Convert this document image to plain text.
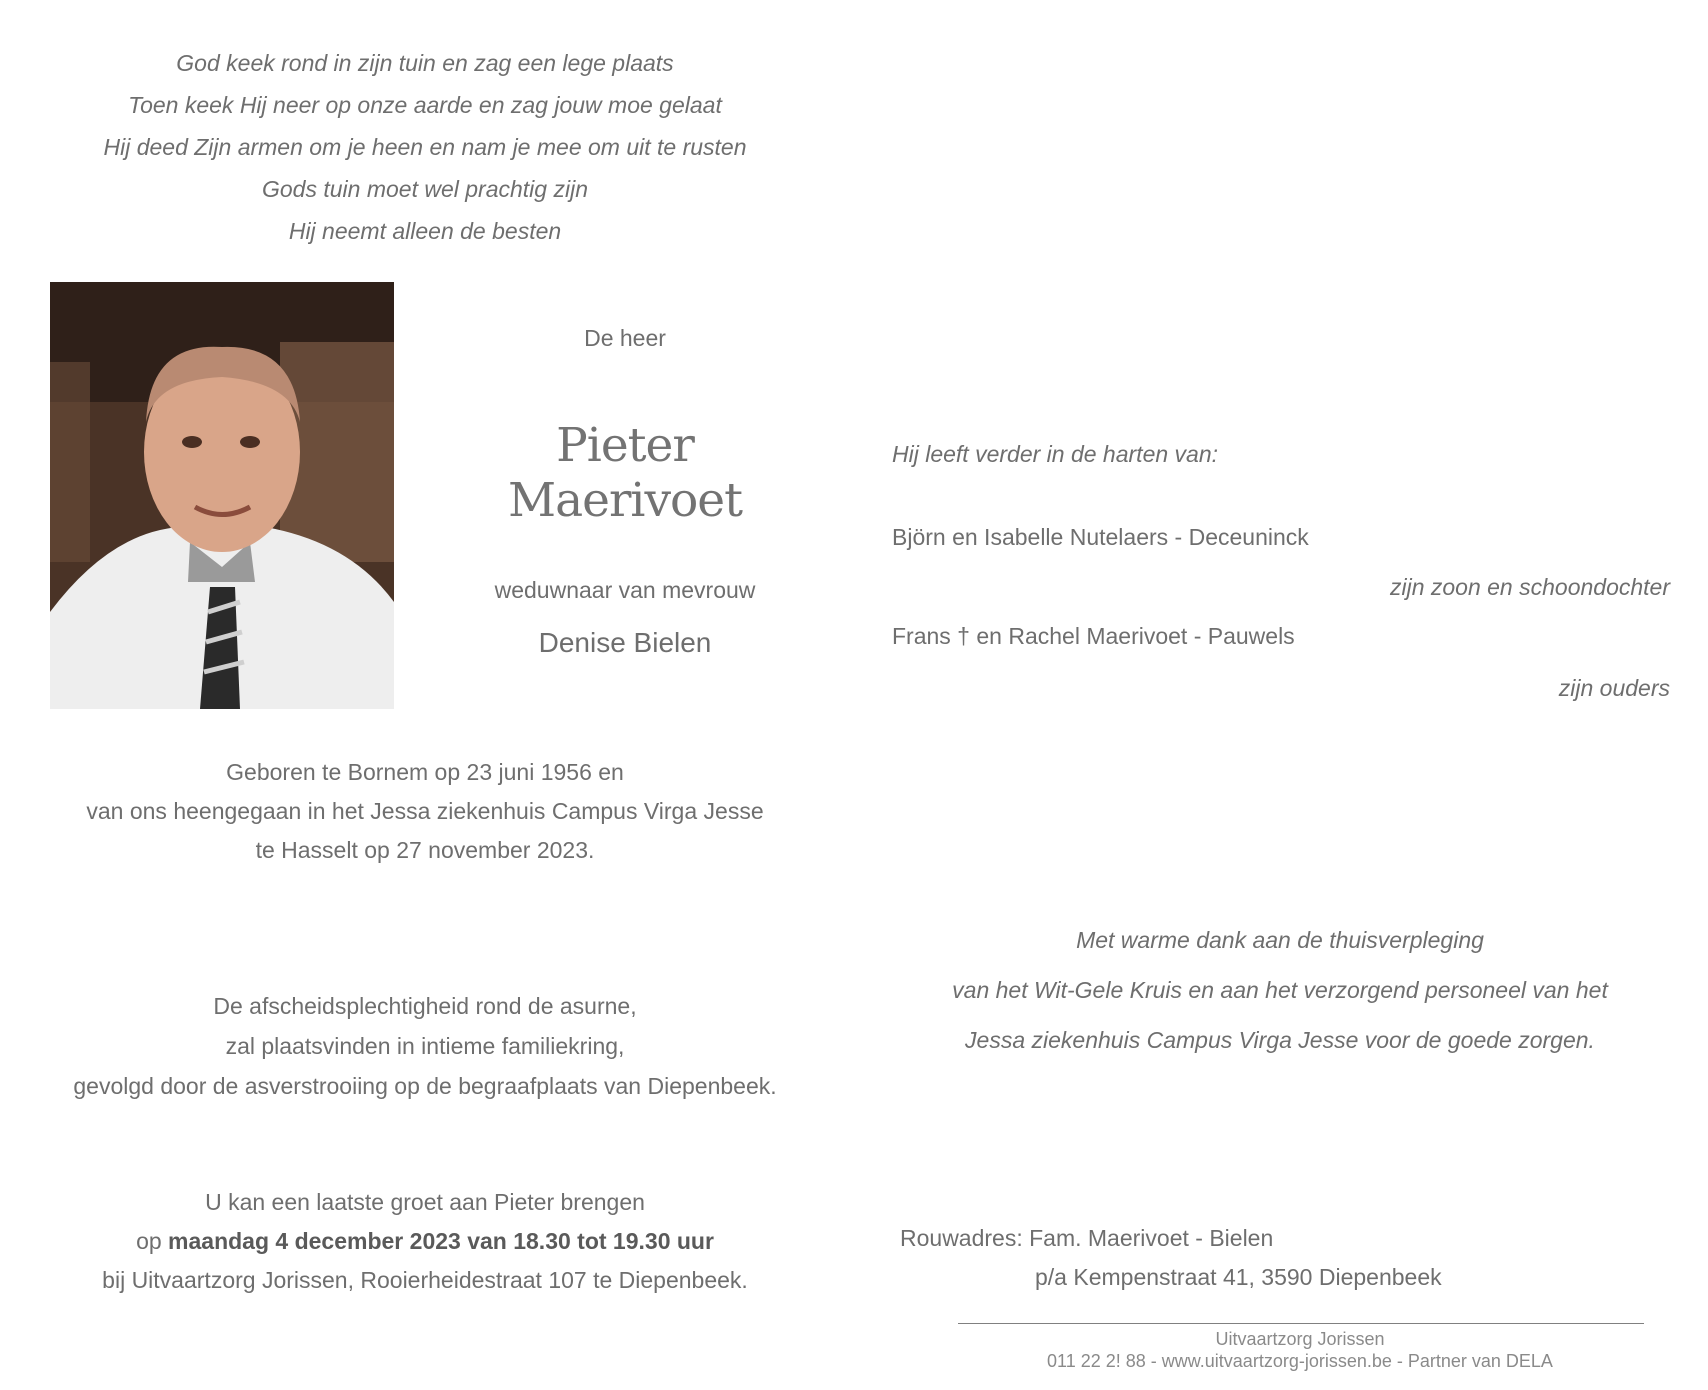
God keek rond in zijn tuin en zag een lege plaats
Toen keek Hij neer op onze aarde en zag jouw moe gelaat
Hij deed Zijn armen om je heen en nam je mee om uit te rusten
Gods tuin moet wel prachtig zijn
Hij neemt alleen de besten
De heer
Pieter Maerivoet
weduwnaar van mevrouw
Denise Bielen
Geboren te Bornem op 23 juni 1956 en
van ons heengegaan in het Jessa ziekenhuis Campus Virga Jesse
te Hasselt op 27 november 2023.
De afscheidsplechtigheid rond de asurne,
zal plaatsvinden in intieme familiekring,
gevolgd door de asverstrooiing op de begraafplaats van Diepenbeek.
U kan een laatste groet aan Pieter brengen
op maandag 4 december 2023 van 18.30 tot 19.30 uur
bij Uitvaartzorg Jorissen, Rooierheidestraat 107 te Diepenbeek.
Hij leeft verder in de harten van:
Björn en Isabelle Nutelaers - Deceuninck
zijn zoon en schoondochter
Frans † en Rachel Maerivoet - Pauwels
zijn ouders
Met warme dank aan de thuisverpleging
van het Wit-Gele Kruis en aan het verzorgend personeel van het
Jessa ziekenhuis Campus Virga Jesse voor de goede zorgen.
Rouwadres: Fam. Maerivoet - Bielen
p/a Kempenstraat 41, 3590 Diepenbeek
Uitvaartzorg Jorissen
011 22 2! 88 - www.uitvaartzorg-jorissen.be - Partner van DELA
